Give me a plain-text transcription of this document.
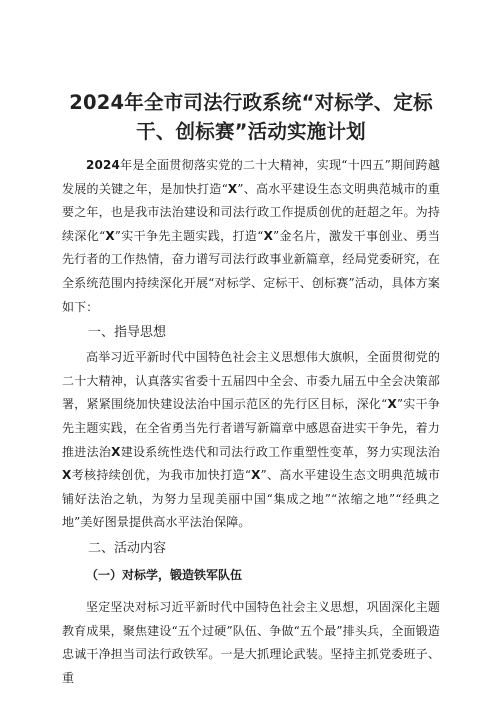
2024年全市司法行政系统“对标学、定标干、创标赛”活动实施计划

2024年是全面贯彻落实党的二十大精神，实现“十四五”期间跨越发展的关键之年，是加快打造“X”、高水平建设生态文明典范城市的重要之年，也是我市法治建设和司法行政工作提质创优的赶超之年。为持续深化“X”实干争先主题实践，打造“X”金名片，激发干事创业、勇当先行者的工作热情，奋力谱写司法行政事业新篇章，经局党委研究，在全系统范围内持续深化开展“对标学、定标干、创标赛”活动，具体方案如下：

一、指导思想

高举习近平新时代中国特色社会主义思想伟大旗帜，全面贯彻党的二十大精神，认真落实省委十五届四中全会、市委九届五中全会决策部署，紧紧围绕加快建设法治中国示范区的先行区目标，深化“X”实干争先主题实践，在全省勇当先行者谱写新篇章中感恩奋进实干争先，着力推进法治X建设系统性迭代和司法行政工作重塑性变革，努力实现法治X考核持续创优，为我市加快打造“X”、高水平建设生态文明典范城市铺好法治之轨，为努力呈现美丽中国“集成之地”“浓缩之地”“经典之地”美好图景提供高水平法治保障。

二、活动内容
（一）对标学，锻造铁军队伍

坚定坚决对标习近平新时代中国特色社会主义思想，巩固深化主题教育成果，聚焦建设“五个过硬”队伍、争做“五个最”排头兵，全面锻造忠诚干净担当司法行政铁军。一是大抓理论武装。坚持主抓党委班子、重
